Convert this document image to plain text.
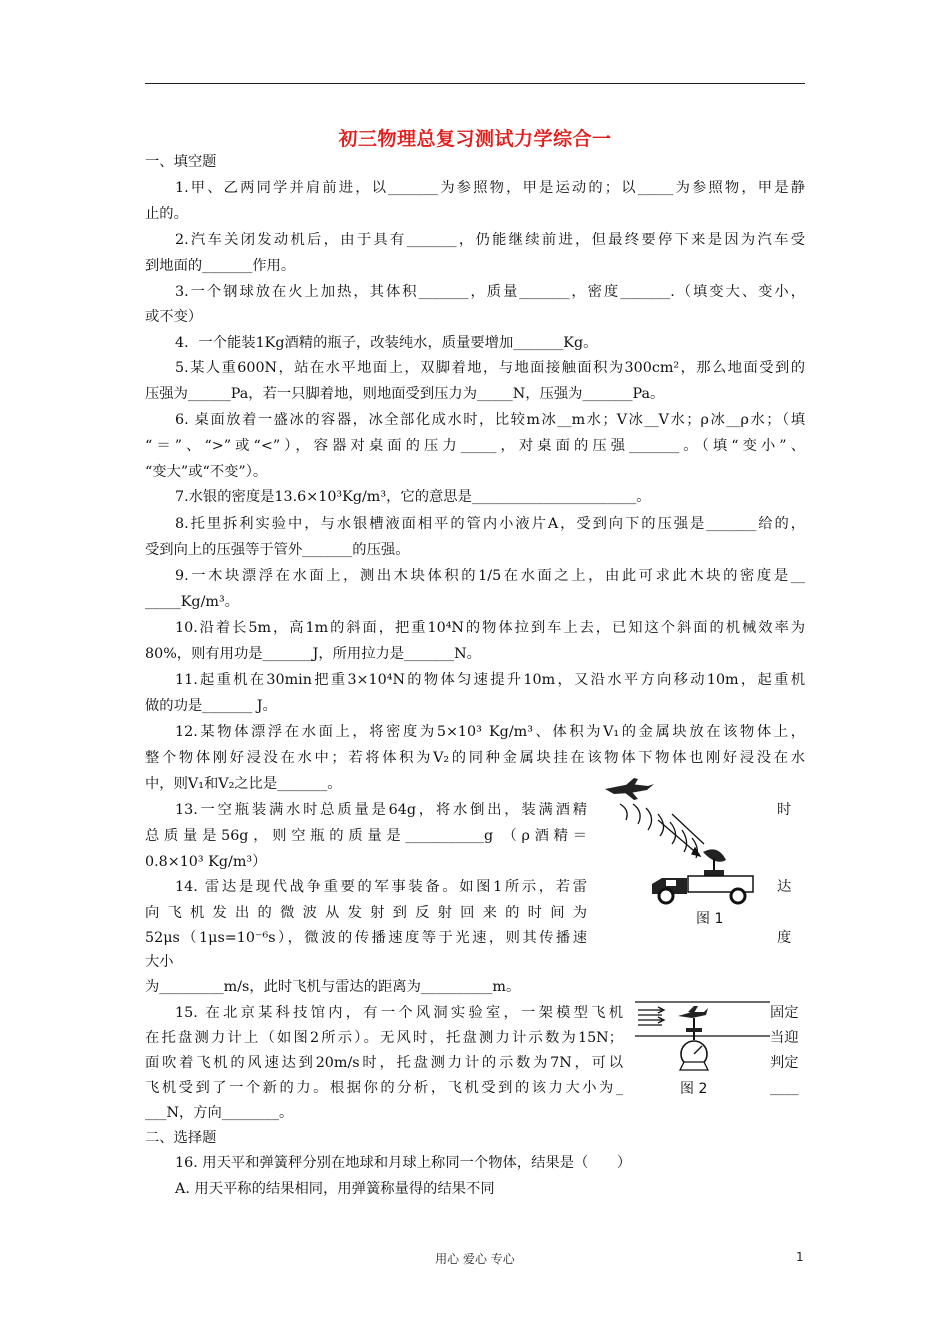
初三物理总复习测试力学综合一
一、填空题
1.甲、乙两同学并肩前进，以_______为参照物，甲是运动的；以_____为参照物，甲是静
止的。
2.汽车关闭发动机后，由于具有_______，仍能继续前进，但最终要停下来是因为汽车受
到地面的_______作用。
3.一个钢球放在火上加热，其体积_______，质量_______，密度_______.（填变大、变小，
或不变）
4．一个能装1Kg酒精的瓶子，改装纯水，质量要增加_______Kg。
5.某人重600N，站在水平地面上，双脚着地，与地面接触面积为300cm²，那么地面受到的
压强为______Pa，若一只脚着地，则地面受到压力为_____N，压强为_______Pa。
6. 桌面放着一盛冰的容器，冰全部化成水时，比较m冰__m水；V冰__V水；ρ冰__ρ水；（填
“＝”、“>”或“<”），容器对桌面的压力_____，对桌面的压强_______。（填“变小”、
“变大”或“不变”）。
7.水银的密度是13.6×10³Kg/m³，它的意思是_______________________。
8.托里拆利实验中，与水银槽液面相平的管内小液片A，受到向下的压强是_______给的，
受到向上的压强等于管外_______的压强。
9.一木块漂浮在水面上，测出木块体积的1/5在水面之上，由此可求此木块的密度是__
_____Kg/m³。
10.沿着长5m，高1m的斜面，把重10⁴N的物体拉到车上去，已知这个斜面的机械效率为
80%，则有用功是_______J，所用拉力是_______N。
11.起重机在30min把重3×10⁴N的物体匀速提升10m，又沿水平方向移动10m，起重机
做的功是_______ J。
12.某物体漂浮在水面上，将密度为5×10³ Kg/m³、体积为V₁的金属块放在该物体上，
整个物体刚好浸没在水中；若将体积为V₂的同种金属块挂在该物体下物体也刚好浸没在水
中，则V₁和V₂之比是_______。
13.一空瓶装满水时总质量是64g，将水倒出，装满酒精	时
总质量是56g，则空瓶的质量是___________g （ρ酒精＝
0.8×10³ Kg/m³）
14. 雷达是现代战争重要的军事装备。如图1所示，若雷	达
向飞机发出的微波从发射到反射回来的时间为
52μs（1μs=10⁻⁶s），微波的传播速度等于光速，则其传播速	度
大小
为_________m/s，此时飞机与雷达的距离为__________m。
15. 在北京某科技馆内，有一个风洞实验室，一架模型飞机	固定
在托盘测力计上（如图2所示）。无风时，托盘测力计示数为15N；	当迎
面吹着飞机的风速达到20m/s时，托盘测力计的示数为7N，可以	判定
飞机受到了一个新的力。根据你的分析，飞机受到的该力大小为_	____
___N，方向________。
二、选择题
16. 用天平和弹簧秤分别在地球和月球上称同一个物体，结果是（　　）
A. 用天平称的结果相同，用弹簧称量得的结果不同
图 1
图 2
用心 爱心 专心	1
